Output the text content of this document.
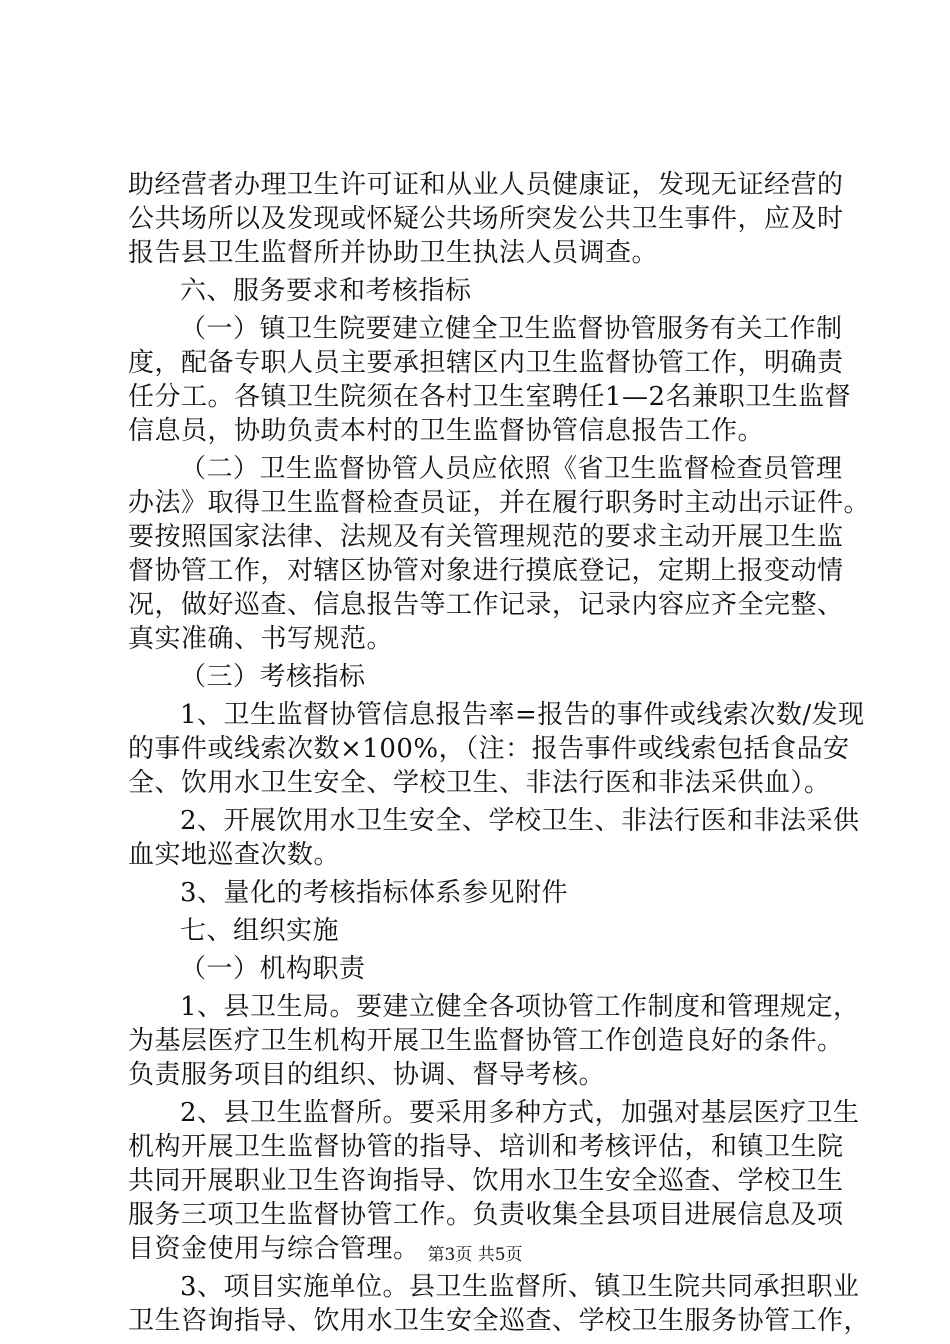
助经营者办理卫生许可证和从业人员健康证，发现无证经营的
公共场所以及发现或怀疑公共场所突发公共卫生事件，应及时
报告县卫生监督所并协助卫生执法人员调查。
六、服务要求和考核指标
（一）镇卫生院要建立健全卫生监督协管服务有关工作制
度，配备专职人员主要承担辖区内卫生监督协管工作，明确责
任分工。各镇卫生院须在各村卫生室聘任1—2名兼职卫生监督
信息员，协助负责本村的卫生监督协管信息报告工作。
（二）卫生监督协管人员应依照《省卫生监督检查员管理
办法》取得卫生监督检查员证，并在履行职务时主动出示证件。
要按照国家法律、法规及有关管理规范的要求主动开展卫生监
督协管工作，对辖区协管对象进行摸底登记，定期上报变动情
况，做好巡查、信息报告等工作记录，记录内容应齐全完整、
真实准确、书写规范。
（三）考核指标
1、卫生监督协管信息报告率=报告的事件或线索次数/发现
的事件或线索次数×100%，（注：报告事件或线索包括食品安
全、饮用水卫生安全、学校卫生、非法行医和非法采供血）。
2、开展饮用水卫生安全、学校卫生、非法行医和非法采供
血实地巡查次数。
3、量化的考核指标体系参见附件
七、组织实施
（一）机构职责
1、县卫生局。要建立健全各项协管工作制度和管理规定，
为基层医疗卫生机构开展卫生监督协管工作创造良好的条件。
负责服务项目的组织、协调、督导考核。
2、县卫生监督所。要采用多种方式，加强对基层医疗卫生
机构开展卫生监督协管的指导、培训和考核评估，和镇卫生院
共同开展职业卫生咨询指导、饮用水卫生安全巡查、学校卫生
服务三项卫生监督协管工作。负责收集全县项目进展信息及项
目资金使用与综合管理。
3、项目实施单位。县卫生监督所、镇卫生院共同承担职业
卫生咨询指导、饮用水卫生安全巡查、学校卫生服务协管工作，
第3页 共5页
